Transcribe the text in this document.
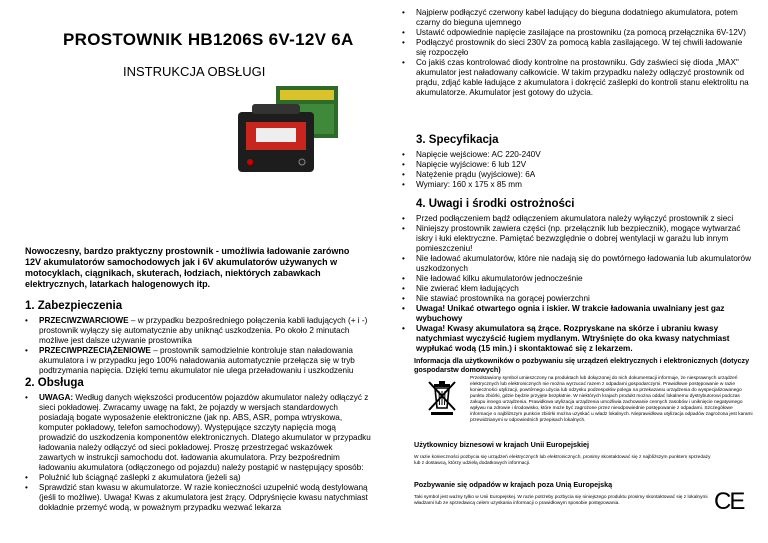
PROSTOWNIK HB1206S 6V-12V 6A
INSTRUKCJA OBSŁUGI
Nowoczesny, bardzo praktyczny prostownik - umożliwia ładowanie zarówno 12V akumulatorów samochodowych jak i 6V akumulatorów używanych w motocyklach, ciągnikach, skuterach, łodziach, niektórych zabawkach elektrycznych, latarkach halogenowych itp.
1. Zabezpieczenia
• PRZECIWZWARCIOWE – w przypadku bezpośredniego połączenia kabli ładujących (+ i -) prostownik wyłączy się automatycznie aby uniknąć uszkodzenia. Po około 2 minutach możliwe jest dalsze używanie prostownika
• PRZECIWPRZECIĄŻENIOWE – prostownik samodzielnie kontroluje stan naładowania akumulatora i w przypadku jego 100% naładowania automatycznie przełącza się w tryb podtrzymania napięcia. Dzięki temu akumulator nie ulega przeładowaniu i uszkodzeniu
2. Obsługa
• UWAGA: Według danych większości producentów pojazdów akumulator należy odłączyć z sieci pokładowej. Zwracamy uwagę na fakt, że pojazdy w wersjach standardowych posiadają bogate wyposażenie elektroniczne (jak np. ABS, ASR, pompa wtryskowa, komputer pokładowy, telefon samochodowy). Występujące szczyty napięcia mogą prowadzić do uszkodzenia komponentów elektronicznych. Dlatego akumulator w przypadku ładowania należy odłączyć od sieci pokładowej. Proszę przestrzegać wskazówek zawartych w instrukcji samochodu dot. ładowania akumulatora. Przy bezpośrednim ładowaniu akumulatora (odłączonego od pojazdu) należy postąpić w następujący sposób:
• Poluźnić lub ściągnąć zaślepki z akumulatora (jeżeli są)
• Sprawdzić stan kwasu w akumulatorze. W razie konieczności uzupełnić wodą destylowaną (jeśli to możliwe). Uwaga! Kwas z akumulatora jest żrący. Odpryśnięcie kwasu natychmiast dokładnie przemyć wodą, w poważnym przypadku wezwać lekarza
• Najpierw podłączyć czerwony kabel ładujący do bieguna dodatniego akumulatora, potem czarny do bieguna ujemnego
• Ustawić odpowiednie napięcie zasilające na prostowniku (za pomocą przełącznika 6V-12V)
• Podłączyć prostownik do sieci 230V za pomocą kabla zasilającego. W tej chwili ładowanie się rozpoczęło
• Co jakiś czas kontrolować diody kontrolne na prostowniku. Gdy zaświeci się dioda „MAX" akumulator jest naładowany całkowicie. W takim przypadku należy odłączyć prostownik od prądu, zdjąć kable ładujące z akumulatora i dokręcić zaślepki do kontroli stanu elektrolitu na akumulatorze. Akumulator jest gotowy do użycia.
3. Specyfikacja
• Napięcie wejściowe: AC 220-240V
• Napięcie wyjściowe: 6 lub 12V
• Natężenie prądu (wyjściowe): 6A
• Wymiary: 160 x 175 x 85 mm
4. Uwagi i środki ostrożności
• Przed podłączeniem bądź odłączeniem akumulatora należy wyłączyć prostownik z sieci
• Niniejszy prostownik zawiera części (np. przełącznik lub bezpiecznik), mogące wytwarzać iskry i łuki elektryczne. Pamiętać bezwzględnie o dobrej wentylacji w garażu lub innym pomieszczeniu!
• Nie ładować akumulatorów, które nie nadają się do powtórnego ładowania lub akumulatorów uszkodzonych
• Nie ładować kilku akumulatorów jednocześnie
• Nie zwierać kłem ładujących
• Nie stawiać prostownika na gorącej powierzchni
• Uwaga! Unikać otwartego ognia i iskier. W trakcie ładowania uwalniany jest gaz wybuchowy
• Uwaga! Kwasy akumulatora są żrące. Rozpryskane na skórze i ubraniu kwasy natychmiast wyczyścić ługiem mydlanym. Wtryśnięte do oka kwasy natychmiast wypłukać wodą (15 min.) i skontaktować się z lekarzem.
Informacja dla użytkowników o pozbywaniu się urządzeń elektrycznych i elektronicznych (dotyczy gospodarstw domowych)
Przedstawiony symbol umieszczony na produktach lub dołączonej do nich dokumentacji informuje, że niesprawnych urządzeń elektrycznych lub elektronicznych nie można wyrzucać razem z odpadami gospodarczymi. Prawidłowe postępowanie w razie konieczności utylizacji, powtórnego użycia lub odzysku podzespołów polega na przekazaniu urządzenia do wyspecjalizowanego punktu zbiórki, gdzie będzie przyjęte bezpłatnie. W niektórych krajach produkt można oddać lokalnemu dystrybutorowi podczas zakupu innego urządzenia. Prawidłowa utylizacja urządzenia umożliwia zachowanie cennych zasobów i uniknięcie negatywnego wpływu na zdrowie i środowisko, które może być zagrożone przez nieodpowiednie postępowanie z odpadami. Szczegółowe informacje o najbliższym punkcie zbiórki można uzyskać u władz lokalnych. Nieprawidłowa utylizacja odpadów zagrożona jest karami przewidzianymi w odpowiednich przepisach lokalnych.
Użytkownicy biznesowi w krajach Unii Europejskiej
W razie konieczności pozbycia się urządzeń elektrycznych lub elektronicznych, prosimy skontaktować się z najbliższym punktem sprzedaży lub z dostawcą, którzy udzielą dodatkowych informacji.
Pozbywanie się odpadów w krajach poza Unią Europejską
Taki symbol jest ważny tylko w Unii Europejskej. W razie potrzeby pozbycia się niniejszego produktu prosimy skontaktować się z lokalnymi władzami lub ze sprzedawcą celem uzyskania informacji o prawidłowym sposobie postępowania.	CE
